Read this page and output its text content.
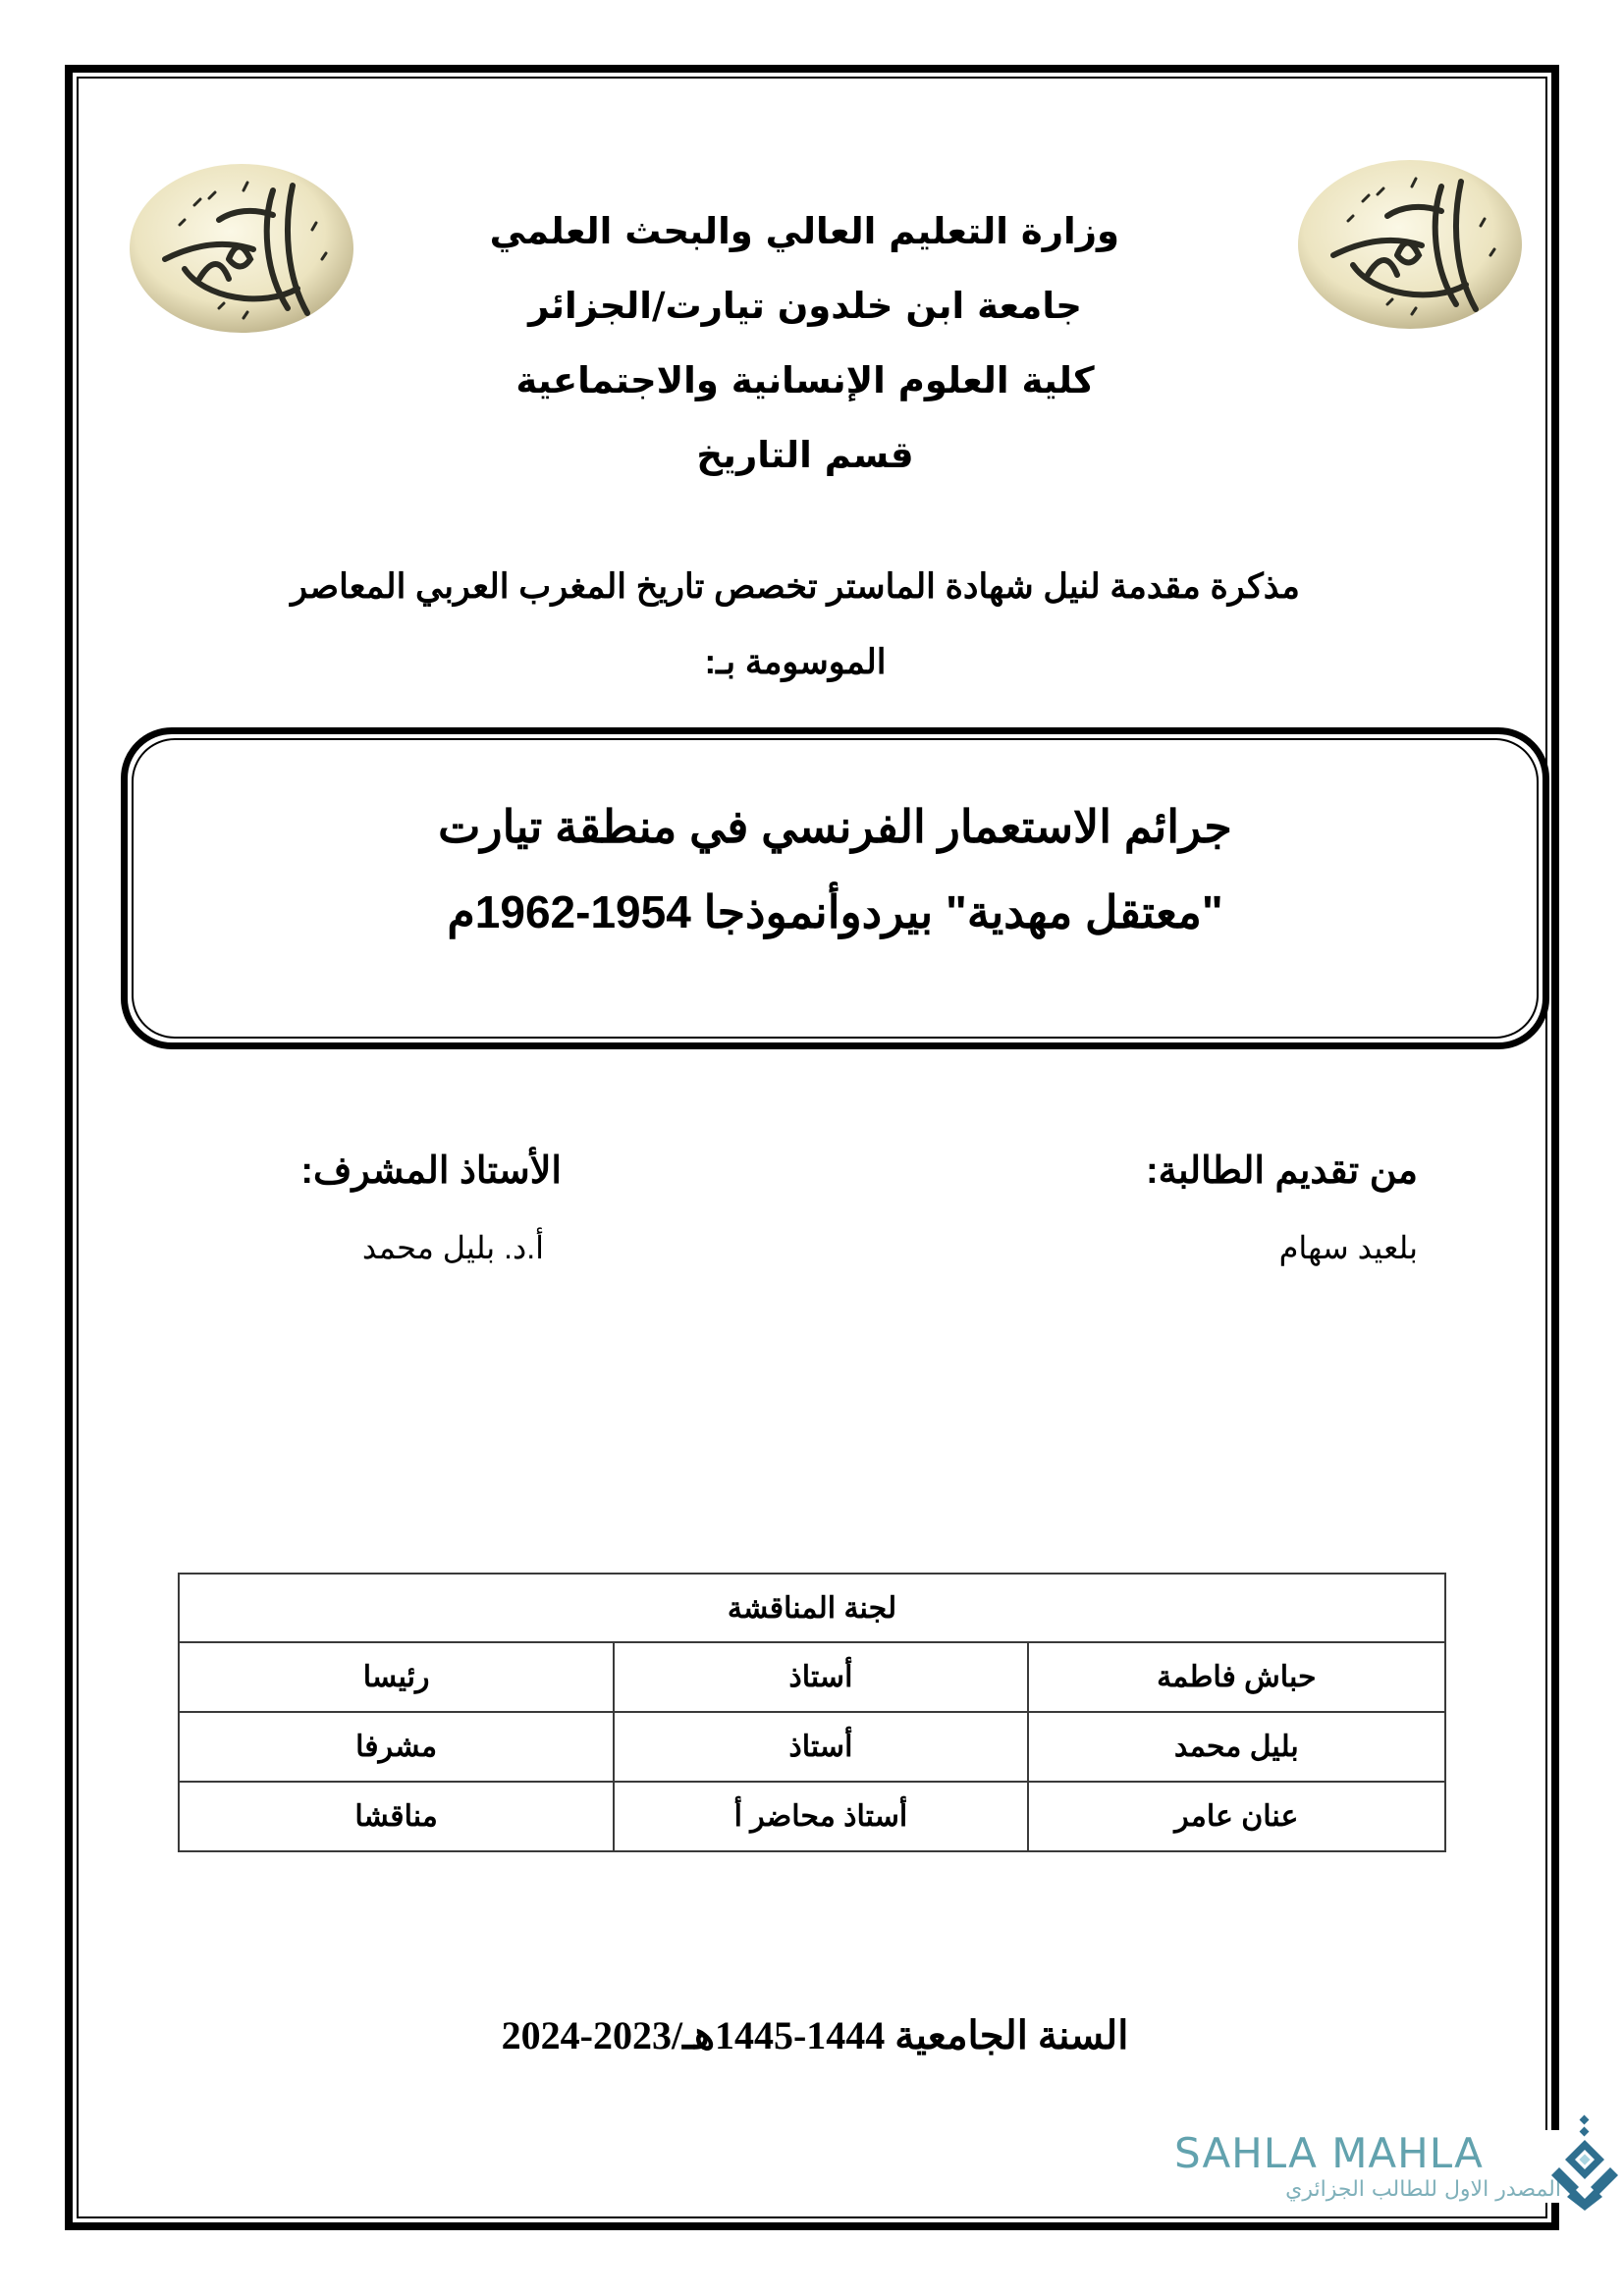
وزارة التعليم العالي والبحث العلمي
جامعة ابن خلدون تيارت/الجزائر
كلية العلوم الإنسانية والاجتماعية
قسم التاريخ
مذكرة مقدمة لنيل شهادة الماستر تخصص تاريخ المغرب العربي المعاصر
الموسومة بـ:
جرائم الاستعمار الفرنسي في منطقة تيارت
"معتقل مهدية" بيردوأنموذجا 1954-1962م
من تقديم الطالبة:
بلعيد سهام
الأستاذ المشرف:
أ.د. بليل محمد
لجنة المناقشة		
حباش فاطمة	أستاذ	رئيسا
بليل محمد	أستاذ	مشرفا
عنان عامر	أستاذ محاضر أ	مناقشا
السنة الجامعية 1444-1445هـ/2023-2024
SAHLA MAHLA
المصدر الاول للطالب الجزائري
